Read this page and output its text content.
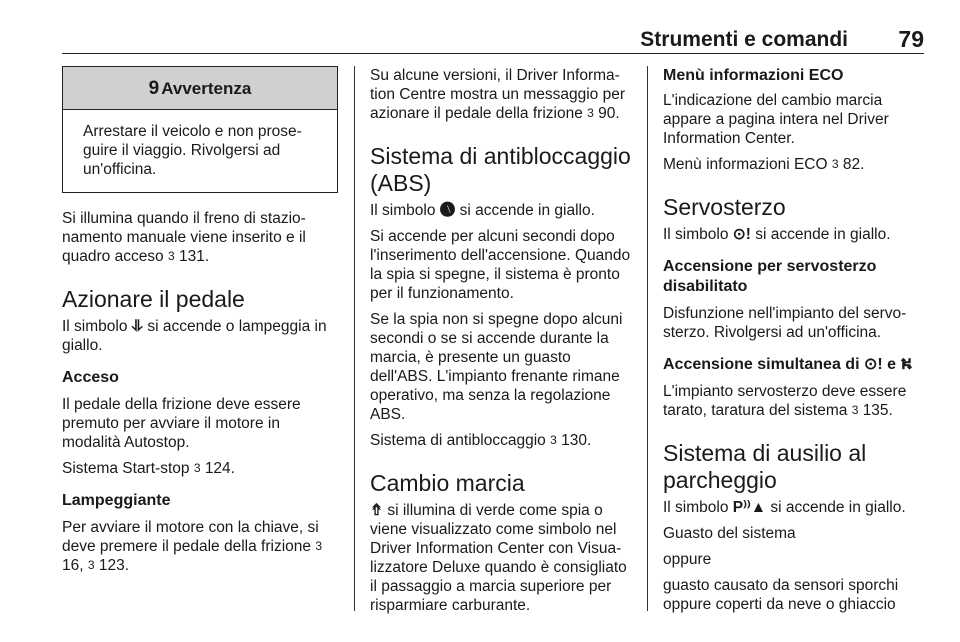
Strumenti e comandi 79
9 Avvertenza
Arrestare il veicolo e non prose-guire il viaggio. Rivolgersi ad un'officina.

Si illumina quando il freno di stazio-namento manuale viene inserito e il quadro acceso 3 131.

Azionare il pedale

Il simbolo ⥥ si accende o lampeggia in giallo.

Acceso

Il pedale della frizione deve essere premuto per avviare il motore in modalità Autostop.

Sistema Start-stop 3 124.

Lampeggiante

Per avviare il motore con la chiave, si deve premere il pedale della frizione 3 16, 3 123.

Su alcune versioni, il Driver Informa-tion Centre mostra un messaggio per azionare il pedale della frizione 3 90.

Sistema di antibloccaggio (ABS)

Il simbolo 🅐 si accende in giallo.

Si accende per alcuni secondi dopo l'inserimento dell'accensione. Quando la spia si spegne, il sistema è pronto per il funzionamento.

Se la spia non si spegne dopo alcuni secondi o se si accende durante la marcia, è presente un guasto dell'ABS. L'impianto frenante rimane operativo, ma senza la regolazione ABS.

Sistema di antibloccaggio 3 130.

Cambio marcia

⇮ si illumina di verde come spia o viene visualizzato come simbolo nel Driver Information Center con Visua-lizzatore Deluxe quando è consigliato il passaggio a marcia superiore per risparmiare carburante.

Menù informazioni ECO

L'indicazione del cambio marcia appare a pagina intera nel Driver Information Center.

Menù informazioni ECO 3 82.

Servosterzo

Il simbolo ⊙! si accende in giallo.

Accensione per servosterzo disabilitato

Disfunzione nell'impianto del servo-sterzo. Rivolgersi ad un'officina.

Accensione simultanea di ⊙! e ⛕

L'impianto servosterzo deve essere tarato, taratura del sistema 3 135.

Sistema di ausilio al parcheggio

Il simbolo P⁾⁾▲ si accende in giallo.

Guasto del sistema

oppure

guasto causato da sensori sporchi oppure coperti da neve o ghiaccio
